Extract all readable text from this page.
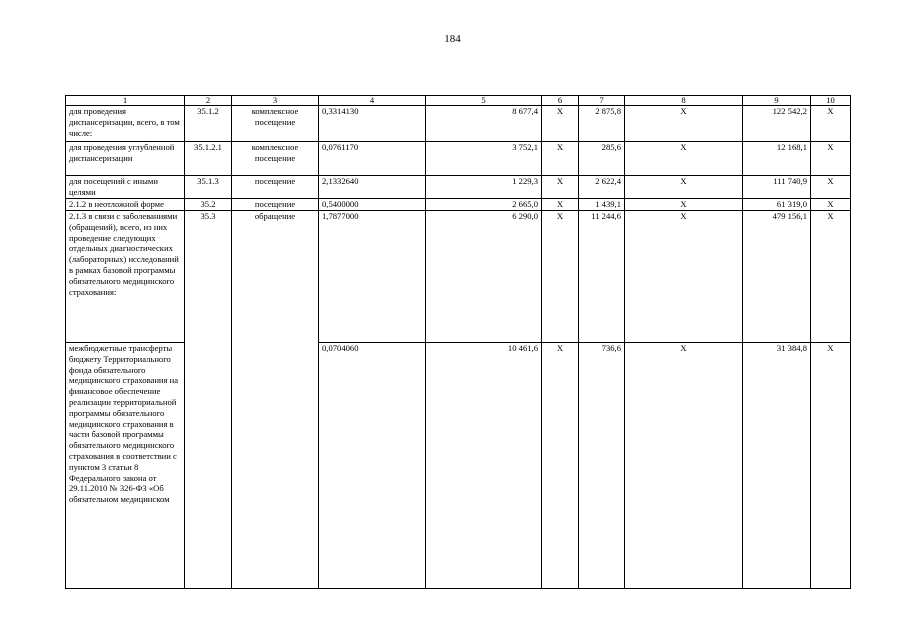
184
1	2	3	4	5	6	7	8	9	10
для проведения диспансеризации, всего, в том числе:	35.1.2	комплексное посещение	0,3314130	8 677,4	X	2 875,8	X	122 542,2	X
для проведения углубленной диспансеризации	35.1.2.1	комплексное посещение	0,0761170	3 752,1	X	285,6	X	12 168,1	X
для посещений с иными целями	35.1.3	посещение	2,1332640	1 229,3	X	2 622,4	X	111 740,9	X
2.1.2 в неотложной форме	35.2	посещение	0,5400000	2 665,0	X	1 439,1	X	61 319,0	X
2.1.3 в связи с заболеваниями (обращений), всего, из них проведение следующих отдельных диагностических (лабораторных) исследований в рамках базовой программы обязательного медицинского страхования:	35.3	обращение	1,7877000	6 290,0	X	11 244,6	X	479 156,1	X
межбюджетные трансферты бюджету Территориального фонда обязательного медицинского страхования на финансовое обеспечение реализации территориальной программы обязательного медицинского страхования в части базовой программы обязательного медицинского страхования в соответствии с пунктом 3 статьи 8 Федерального закона от 29.11.2010 № 326-ФЗ «Об обязательном медицинском			0,0704060	10 461,6	X	736,6	X	31 384,8	X
